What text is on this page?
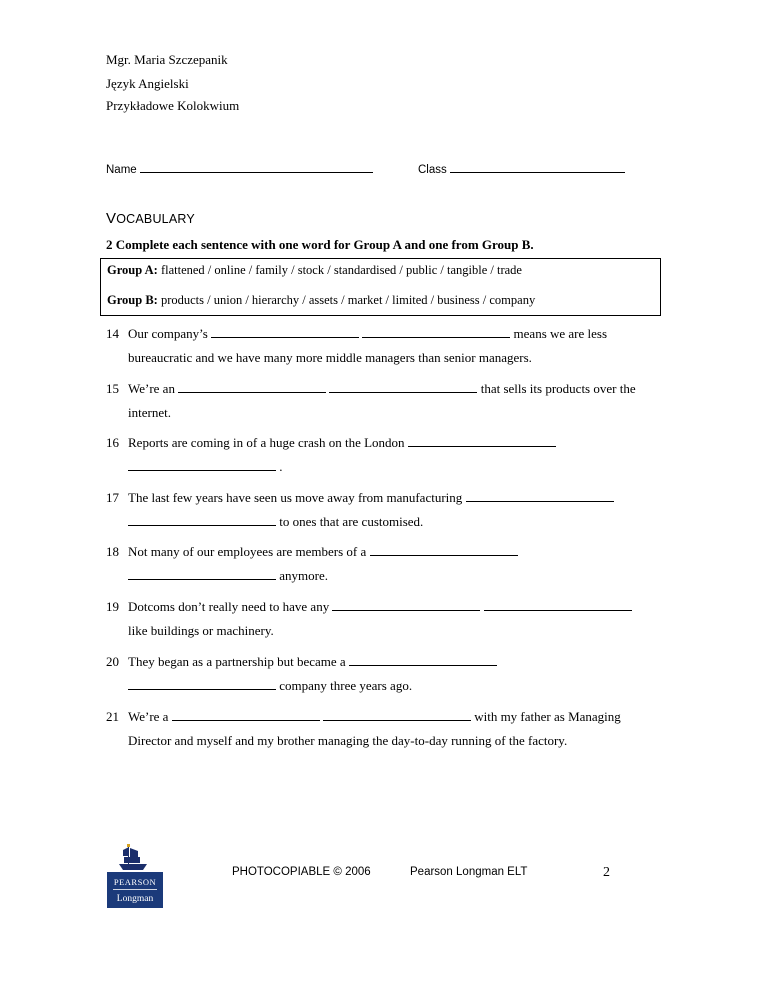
Mgr. Maria Szczepanik
Język Angielski
Przykładowe Kolokwium
Name	Class
VOCABULARY
2 Complete each sentence with one word for Group A and one from Group B.
Group A: flattened / online / family / stock / standardised / public / tangible / trade
Group B: products / union / hierarchy / assets / market / limited / business / company
14 Our company’s	means we are less
bureaucratic and we have many more middle managers than senior managers.
15 We’re an	that sells its products over the
internet.
16 Reports are coming in of a huge crash on the London
.
17 The last few years have seen us move away from manufacturing
to ones that are customised.
18 Not many of our employees are members of a
anymore.
19 Dotcoms don’t really need to have any
like buildings or machinery.
20 They began as a partnership but became a
company three years ago.
21 We’re a	with my father as Managing
Director and myself and my brother managing the day-to-day running of the factory.
PEARSON
Longman
PHOTOCOPIABLE © 2006	Pearson Longman ELT	2
